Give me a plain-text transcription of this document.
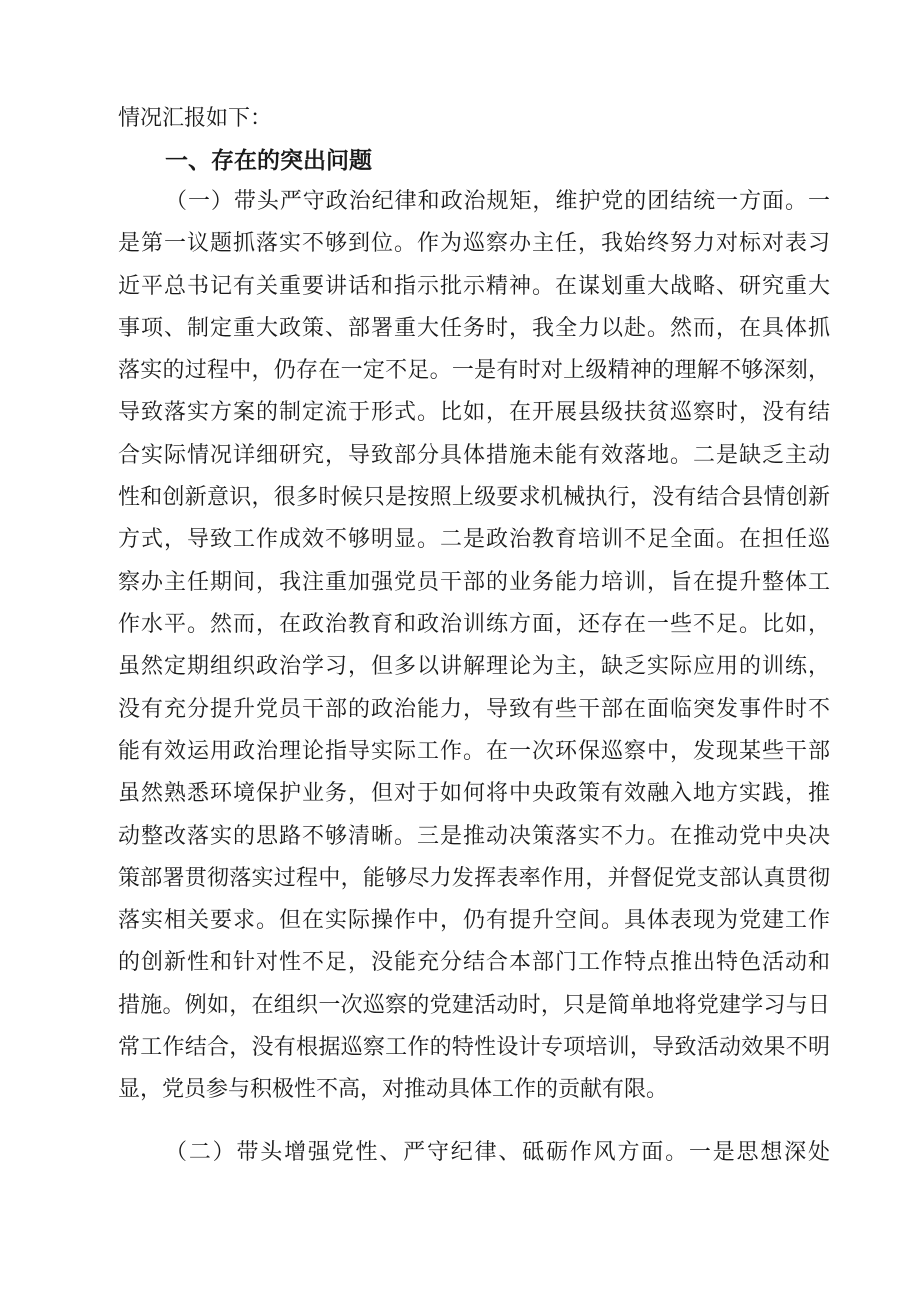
情况汇报如下：
一、存在的突出问题
（一）带头严守政治纪律和政治规矩，维护党的团结统一方面。一
是第一议题抓落实不够到位。作为巡察办主任，我始终努力对标对表习
近平总书记有关重要讲话和指示批示精神。在谋划重大战略、研究重大
事项、制定重大政策、部署重大任务时，我全力以赴。然而，在具体抓
落实的过程中，仍存在一定不足。一是有时对上级精神的理解不够深刻，
导致落实方案的制定流于形式。比如，在开展县级扶贫巡察时，没有结
合实际情况详细研究，导致部分具体措施未能有效落地。二是缺乏主动
性和创新意识，很多时候只是按照上级要求机械执行，没有结合县情创新
方式，导致工作成效不够明显。二是政治教育培训不足全面。在担任巡
察办主任期间，我注重加强党员干部的业务能力培训，旨在提升整体工
作水平。然而，在政治教育和政治训练方面，还存在一些不足。比如，
虽然定期组织政治学习，但多以讲解理论为主，缺乏实际应用的训练，
没有充分提升党员干部的政治能力，导致有些干部在面临突发事件时不
能有效运用政治理论指导实际工作。在一次环保巡察中，发现某些干部
虽然熟悉环境保护业务，但对于如何将中央政策有效融入地方实践，推
动整改落实的思路不够清晰。三是推动决策落实不力。在推动党中央决
策部署贯彻落实过程中，能够尽力发挥表率作用，并督促党支部认真贯彻
落实相关要求。但在实际操作中，仍有提升空间。具体表现为党建工作
的创新性和针对性不足，没能充分结合本部门工作特点推出特色活动和
措施。例如，在组织一次巡察的党建活动时，只是简单地将党建学习与日
常工作结合，没有根据巡察工作的特性设计专项培训，导致活动效果不明
显，党员参与积极性不高，对推动具体工作的贡献有限。
（二）带头增强党性、严守纪律、砥砺作风方面。一是思想深处
